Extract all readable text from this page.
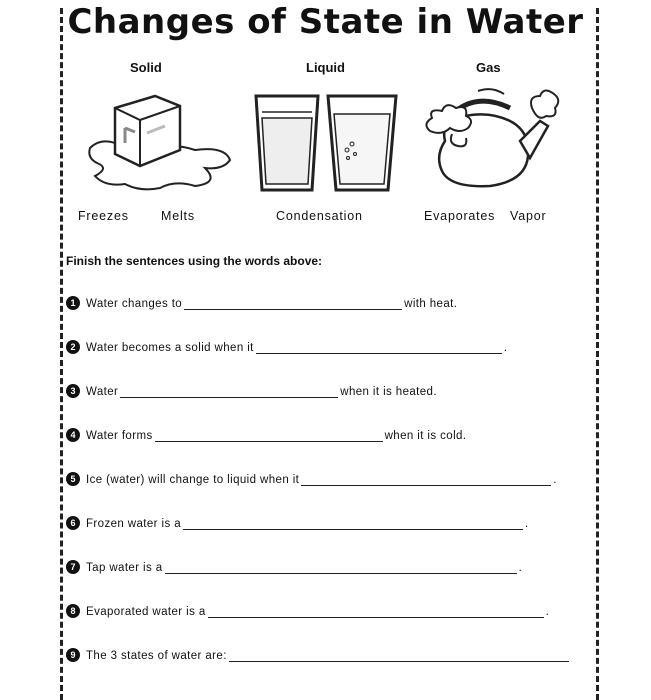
Changes of State in Water
Solid	Liquid	Gas
Freezes	Melts	Condensation	Evaporates Vapor
Finish the sentences using the words above:
1 Water changes to	with heat.
2 Water becomes a solid when it	.
3 Water	when it is heated.
4 Water forms	when it is cold.
5 Ice (water) will change to liquid when it	.
6 Frozen water is a	.
7 Tap water is a	.
8 Evaporated water is a	.
9 The 3 states of water are:
